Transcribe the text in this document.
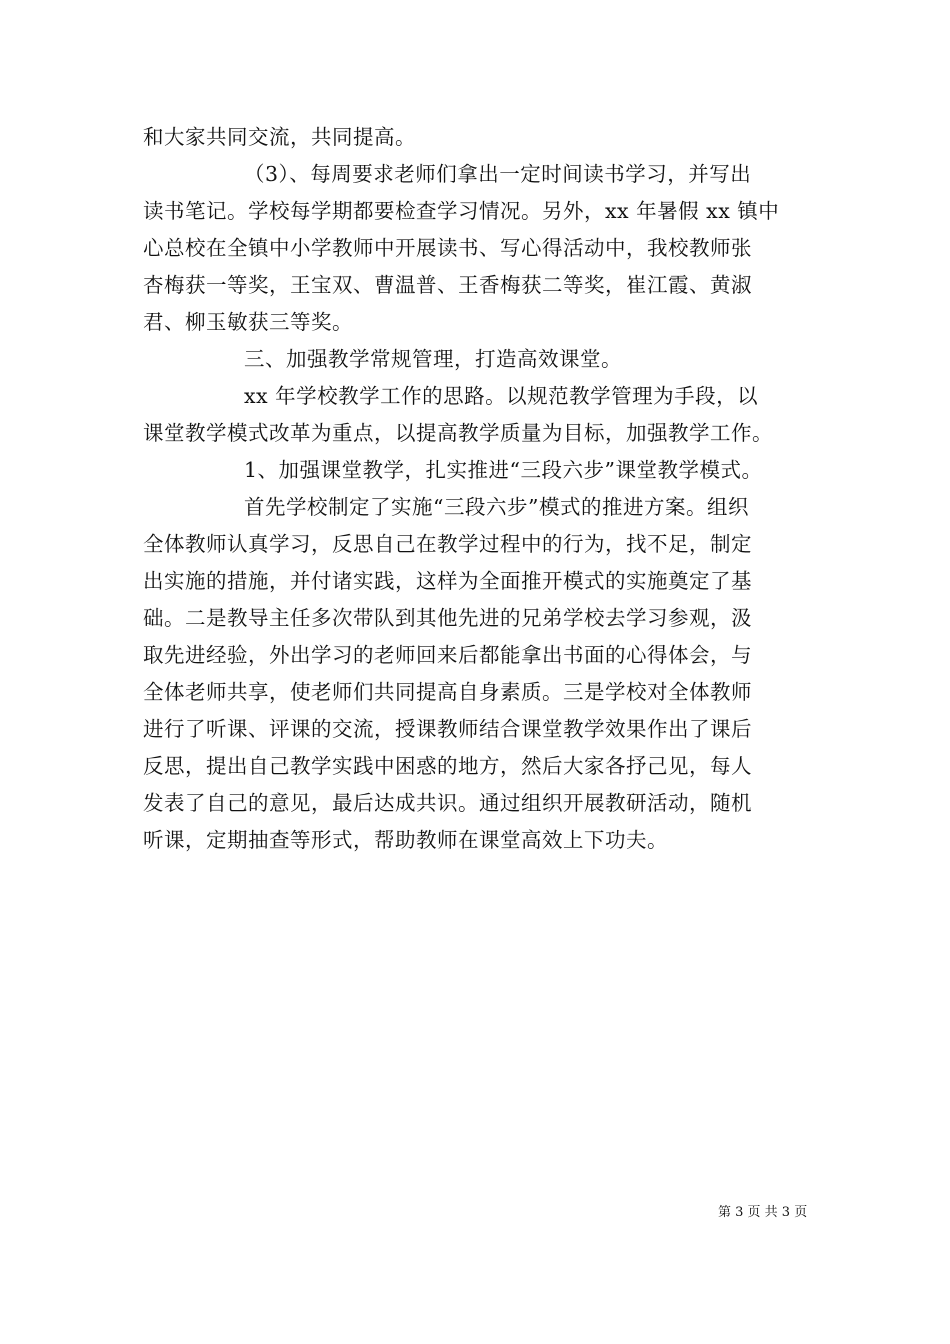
和大家共同交流，共同提高。
（3）、每周要求老师们拿出一定时间读书学习，并写出
读书笔记。学校每学期都要检查学习情况。另外，xx 年暑假 xx 镇中
心总校在全镇中小学教师中开展读书、写心得活动中，我校教师张
杏梅获一等奖，王宝双、曹温普、王香梅获二等奖，崔江霞、黄淑
君、柳玉敏获三等奖。
三、加强教学常规管理，打造高效课堂。
xx 年学校教学工作的思路。以规范教学管理为手段，以
课堂教学模式改革为重点，以提高教学质量为目标，加强教学工作。
1、加强课堂教学，扎实推进“三段六步”课堂教学模式。
首先学校制定了实施“三段六步”模式的推进方案。组织
全体教师认真学习，反思自己在教学过程中的行为，找不足，制定
出实施的措施，并付诸实践，这样为全面推开模式的实施奠定了基
础。二是教导主任多次带队到其他先进的兄弟学校去学习参观，汲
取先进经验，外出学习的老师回来后都能拿出书面的心得体会，与
全体老师共享，使老师们共同提高自身素质。三是学校对全体教师
进行了听课、评课的交流，授课教师结合课堂教学效果作出了课后
反思，提出自己教学实践中困惑的地方，然后大家各抒己见，每人
发表了自己的意见，最后达成共识。通过组织开展教研活动，随机
听课，定期抽查等形式，帮助教师在课堂高效上下功夫。
第 3 页 共 3 页
